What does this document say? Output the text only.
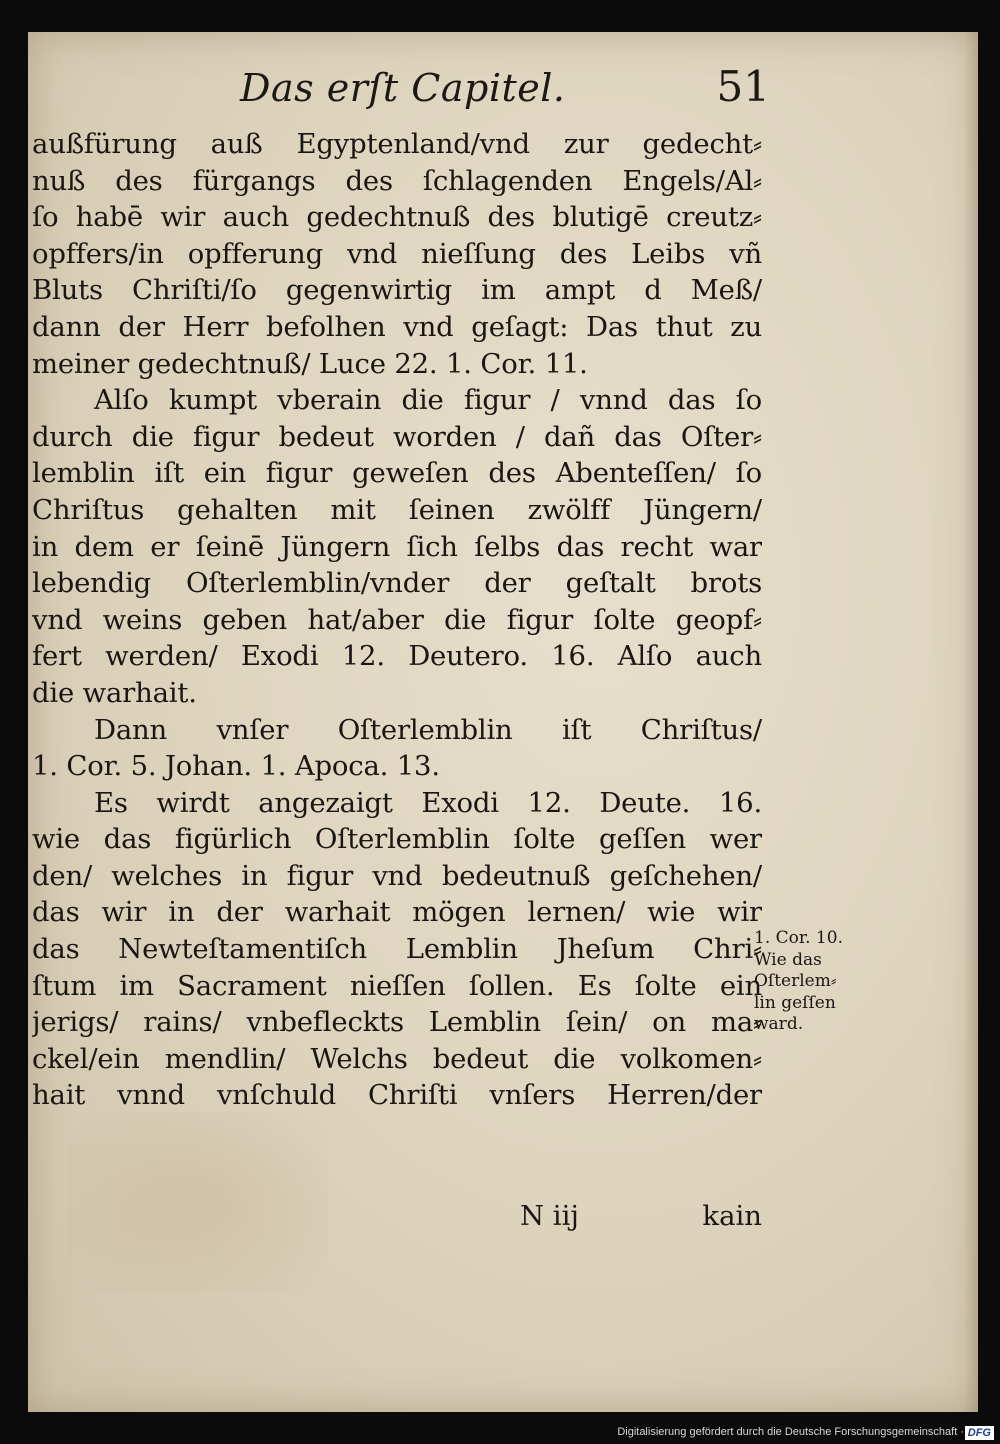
Das erſt Capitel.	51
außfürung auß Egyptenland/vnd zur gedecht⸗
nuß des fürgangs des ſchlagenden Engels/Al⸗
ſo habē wir auch gedechtnuß des blutigē creutz⸗
opffers/in opfferung vnd nieſſung des Leibs vñ
Bluts Chriſti/ſo gegenwirtig im ampt d Meß/
dann der Herr befolhen vnd geſagt: Das thut zu
meiner gedechtnuß/ Luce 22. 1. Cor. 11.
Alſo kumpt vberain die figur / vnnd das ſo
durch die figur bedeut worden / dañ das Oſter⸗
lemblin iſt ein figur geweſen des Abenteſſen/ ſo
Chriſtus gehalten mit ſeinen zwölff Jüngern/
in dem er ſeinē Jüngern ſich ſelbs das recht war
lebendig Oſterlemblin/vnder der geſtalt brots
vnd weins geben hat/aber die figur ſolte geopf⸗
fert werden/ Exodi 12. Deutero. 16. Alſo auch
die warhait.
Dann vnſer Oſterlemblin iſt Chriſtus/
1. Cor. 5. Johan. 1. Apoca. 13.
Es wirdt angezaigt Exodi 12. Deute. 16.
wie das figürlich Oſterlemblin ſolte geſſen wer
den/ welches in figur vnd bedeutnuß geſchehen/
das wir in der warhait mögen lernen/ wie wir
das Newteſtamentiſch Lemblin Jheſum Chri⸗
ſtum im Sacrament nieſſen ſollen. Es ſolte ein
jerigs/ rains/ vnbefleckts Lemblin ſein/ on ma⸗
ckel/ein mendlin/ Welchs bedeut die volkomen⸗
hait vnnd vnſchuld Chriſti vnſers Herren/der
N iij	kain
1. Cor. 10.
Wie das
Oſterlem⸗
lin geſſen
ward.
Digitalisierung gefördert durch die Deutsche Forschungsgemeinschaft · DFG
